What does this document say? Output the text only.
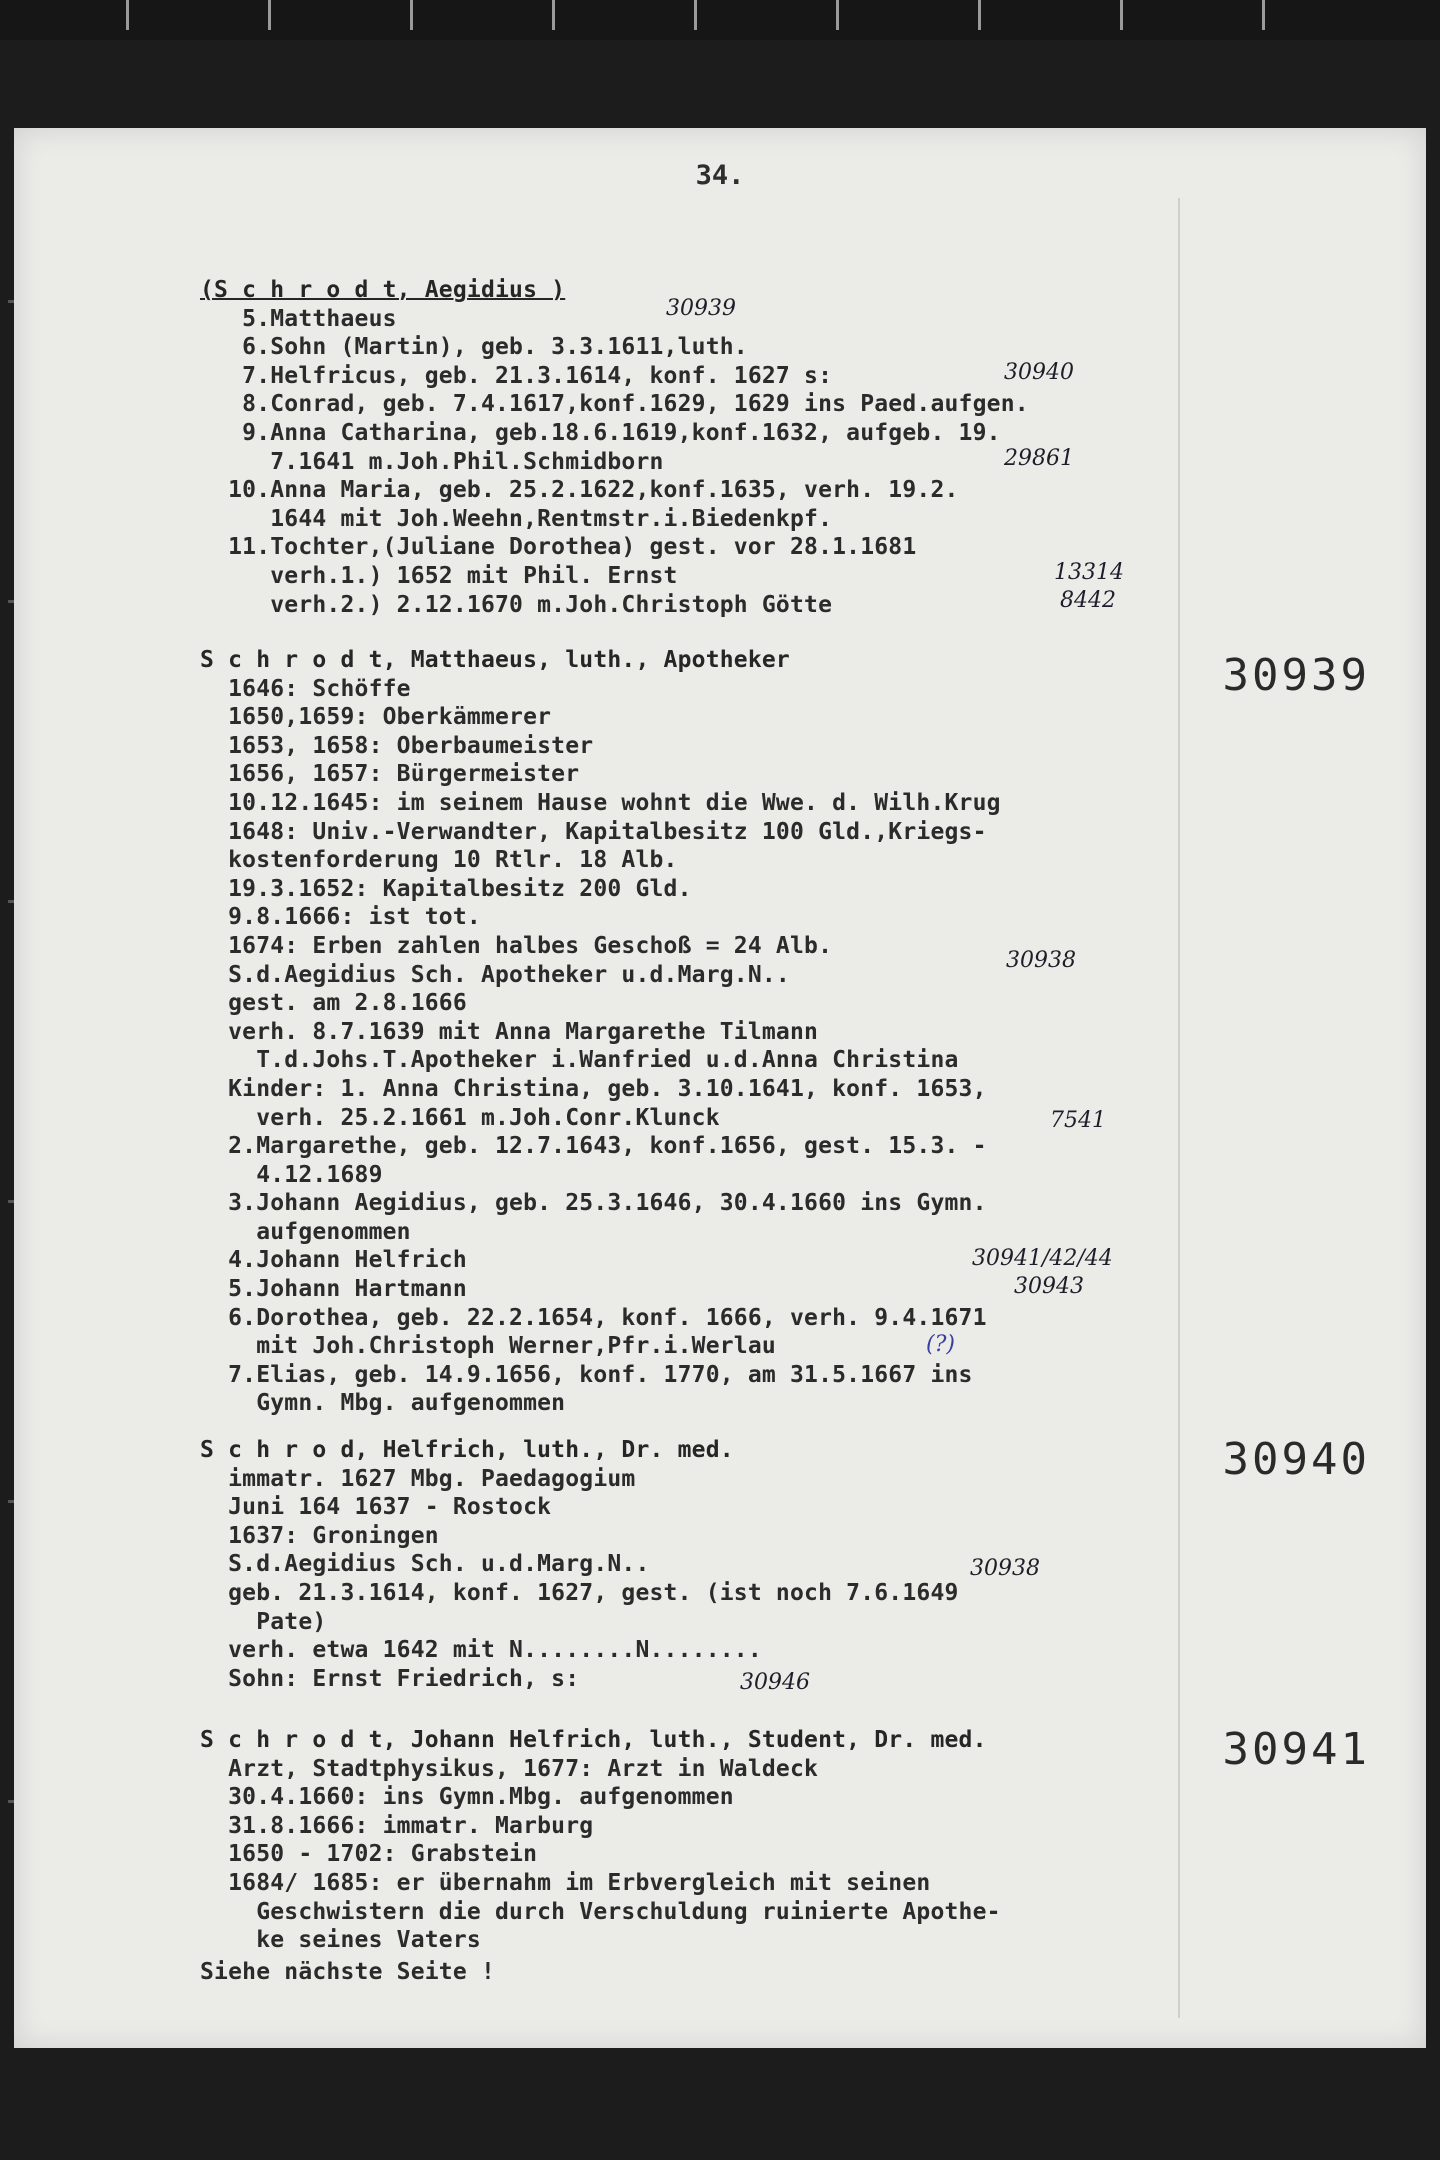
34.
(S c h r o d t, Aegidius )
5.Matthaeus
6.Sohn (Martin), geb. 3.3.1611,luth.
7.Helfricus, geb. 21.3.1614, konf. 1627 s:
8.Conrad, geb. 7.4.1617,konf.1629, 1629 ins Paed.aufgen.
9.Anna Catharina, geb.18.6.1619,konf.1632, aufgeb. 19.
7.1641 m.Joh.Phil.Schmidborn
10.Anna Maria, geb. 25.2.1622,konf.1635, verh. 19.2.
1644 mit Joh.Weehn,Rentmstr.i.Biedenkpf.
11.Tochter,(Juliane Dorothea) gest. vor 28.1.1681
verh.1.) 1652 mit Phil. Ernst
verh.2.) 2.12.1670 m.Joh.Christoph Götte
S c h r o d t, Matthaeus, luth., Apotheker
1646: Schöffe
1650,1659: Oberkämmerer
1653, 1658: Oberbaumeister
1656, 1657: Bürgermeister
10.12.1645: im seinem Hause wohnt die Wwe. d. Wilh.Krug
1648: Univ.-Verwandter, Kapitalbesitz 100 Gld.,Kriegs-
kostenforderung 10 Rtlr. 18 Alb.
19.3.1652: Kapitalbesitz 200 Gld.
9.8.1666: ist tot.
1674: Erben zahlen halbes Geschoß = 24 Alb.
S.d.Aegidius Sch. Apotheker u.d.Marg.N..
gest. am 2.8.1666
verh. 8.7.1639 mit Anna Margarethe Tilmann
T.d.Johs.T.Apotheker i.Wanfried u.d.Anna Christina
Kinder: 1. Anna Christina, geb. 3.10.1641, konf. 1653,
verh. 25.2.1661 m.Joh.Conr.Klunck
2.Margarethe, geb. 12.7.1643, konf.1656, gest. 15.3. -
4.12.1689
3.Johann Aegidius, geb. 25.3.1646, 30.4.1660 ins Gymn.
aufgenommen
4.Johann Helfrich
5.Johann Hartmann
6.Dorothea, geb. 22.2.1654, konf. 1666, verh. 9.4.1671
mit Joh.Christoph Werner,Pfr.i.Werlau
7.Elias, geb. 14.9.1656, konf. 1770, am 31.5.1667 ins
Gymn. Mbg. aufgenommen
30939
S c h r o d, Helfrich, luth., Dr. med.
immatr. 1627 Mbg. Paedagogium
Juni 164 1637 - Rostock
1637: Groningen
S.d.Aegidius Sch. u.d.Marg.N..
geb. 21.3.1614, konf. 1627, gest. (ist noch 7.6.1649
Pate)
verh. etwa 1642 mit N........N........
Sohn: Ernst Friedrich, s:
30940
S c h r o d t, Johann Helfrich, luth., Student, Dr. med.
Arzt, Stadtphysikus, 1677: Arzt in Waldeck
30.4.1660: ins Gymn.Mbg. aufgenommen
31.8.1666: immatr. Marburg
1650 - 1702: Grabstein
1684/ 1685: er übernahm im Erbvergleich mit seinen
Geschwistern die durch Verschuldung ruinierte Apothe-
ke seines Vaters
30941
Siehe nächste Seite !
30939
30940
29861
13314
8442
30938
7541
30941/42/44
30943
(?)
30938
30946
